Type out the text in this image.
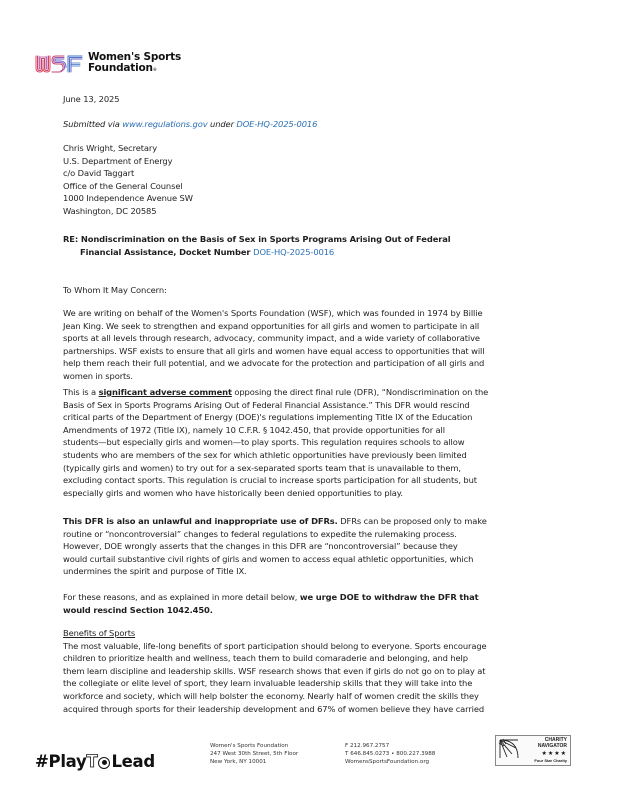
Women's Sports
Foundation®
June 13, 2025
Submitted via www.regulations.gov under DOE-HQ-2025-0016
Chris Wright, Secretary
U.S. Department of Energy
c/o David Taggart
Office of the General Counsel
1000 Independence Avenue SW
Washington, DC 20585
RE: Nondiscrimination on the Basis of Sex in Sports Programs Arising Out of Federal
Financial Assistance, Docket Number DOE-HQ-2025-0016
To Whom It May Concern:
We are writing on behalf of the Women's Sports Foundation (WSF), which was founded in 1974 by Billie
Jean King. We seek to strengthen and expand opportunities for all girls and women to participate in all
sports at all levels through research, advocacy, community impact, and a wide variety of collaborative
partnerships. WSF exists to ensure that all girls and women have equal access to opportunities that will
help them reach their full potential, and we advocate for the protection and participation of all girls and
women in sports.
This is a significant adverse comment opposing the direct final rule (DFR), “Nondiscrimination on the
Basis of Sex in Sports Programs Arising Out of Federal Financial Assistance.” This DFR would rescind
critical parts of the Department of Energy (DOE)'s regulations implementing Title IX of the Education
Amendments of 1972 (Title IX), namely 10 C.F.R. § 1042.450, that provide opportunities for all
students—but especially girls and women—to play sports. This regulation requires schools to allow
students who are members of the sex for which athletic opportunities have previously been limited
(typically girls and women) to try out for a sex-separated sports team that is unavailable to them,
excluding contact sports. This regulation is crucial to increase sports participation for all students, but
especially girls and women who have historically been denied opportunities to play.
This DFR is also an unlawful and inappropriate use of DFRs. DFRs can be proposed only to make
routine or “noncontroversial” changes to federal regulations to expedite the rulemaking process.
However, DOE wrongly asserts that the changes in this DFR are “noncontroversial” because they
would curtail substantive civil rights of girls and women to access equal athletic opportunities, which
undermines the spirit and purpose of Title IX.
For these reasons, and as explained in more detail below, we urge DOE to withdraw the DFR that
would rescind Section 1042.450.
Benefits of Sports
The most valuable, life-long benefits of sport participation should belong to everyone. Sports encourage
children to prioritize health and wellness, teach them to build comaraderie and belonging, and help
them learn discipline and leadership skills. WSF research shows that even if girls do not go on to play at
the collegiate or elite level of sport, they learn invaluable leadership skills that they will take into the
workforce and society, which will help bolster the economy. Nearly half of women credit the skills they
acquired through sports for their leadership development and 67% of women believe they have carried
#Play T Lead
Women's Sports Foundation
247 West 30th Street, 5th Floor
New York, NY 10001
F 212.967.2757
T 646.845.0273 • 800.227.3988
WomensSportsFoundation.org
CHARITY
NAVIGATOR
★★★★
Four Star Charity
